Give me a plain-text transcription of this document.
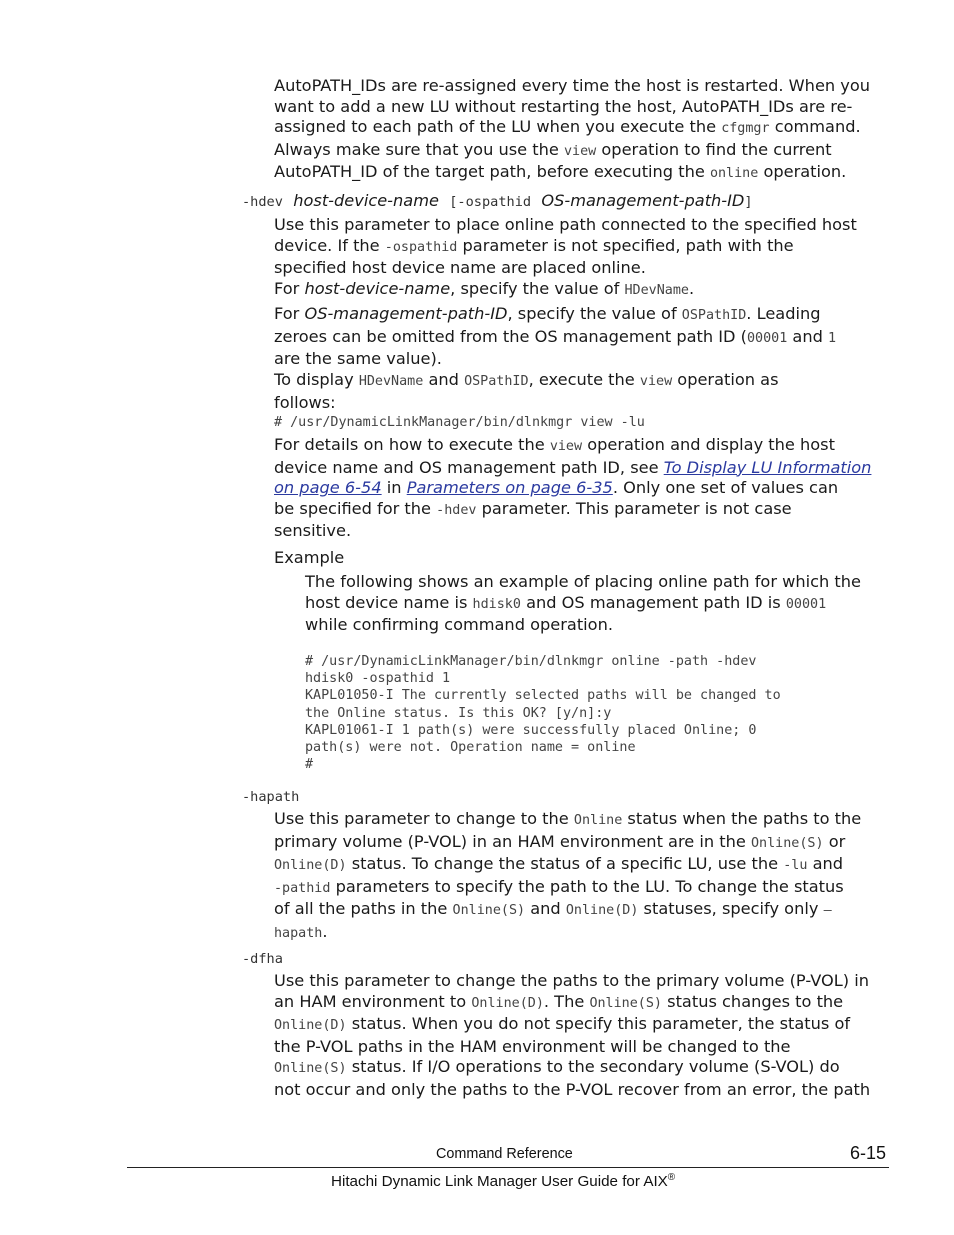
AutoPATH_IDs are re-assigned every time the host is restarted. When you
want to add a new LU without restarting the host, AutoPATH_IDs are re-
assigned to each path of the LU when you execute the cfgmgr command.
Always make sure that you use the view operation to find the current
AutoPATH_ID of the target path, before executing the online operation.
-hdev host-device-name [-ospathid OS-management-path-ID]
Use this parameter to place online path connected to the specified host
device. If the -ospathid parameter is not specified, path with the
specified host device name are placed online.
For host-device-name, specify the value of HDevName.
For OS-management-path-ID, specify the value of OSPathID. Leading
zeroes can be omitted from the OS management path ID (00001 and 1
are the same value).
To display HDevName and OSPathID, execute the view operation as
follows:
# /usr/DynamicLinkManager/bin/dlnkmgr view -lu
For details on how to execute the view operation and display the host
device name and OS management path ID, see To Display LU Information
on page 6-54 in Parameters on page 6-35. Only one set of values can
be specified for the -hdev parameter. This parameter is not case
sensitive.
Example
The following shows an example of placing online path for which the
host device name is hdisk0 and OS management path ID is 00001
while confirming command operation.
# /usr/DynamicLinkManager/bin/dlnkmgr online -path -hdev
hdisk0 -ospathid 1
KAPL01050-I The currently selected paths will be changed to
the Online status. Is this OK? [y/n]:y
KAPL01061-I 1 path(s) were successfully placed Online; 0
path(s) were not. Operation name = online
#
-hapath
Use this parameter to change to the Online status when the paths to the
primary volume (P-VOL) in an HAM environment are in the Online(S) or
Online(D) status. To change the status of a specific LU, use the -lu and
-pathid parameters to specify the path to the LU. To change the status
of all the paths in the Online(S) and Online(D) statuses, specify only –
hapath.
-dfha
Use this parameter to change the paths to the primary volume (P-VOL) in
an HAM environment to Online(D). The Online(S) status changes to the
Online(D) status. When you do not specify this parameter, the status of
the P-VOL paths in the HAM environment will be changed to the
Online(S) status. If I/O operations to the secondary volume (S-VOL) do
not occur and only the paths to the P-VOL recover from an error, the path
Command Reference	6-15
Hitachi Dynamic Link Manager User Guide for AIX®
